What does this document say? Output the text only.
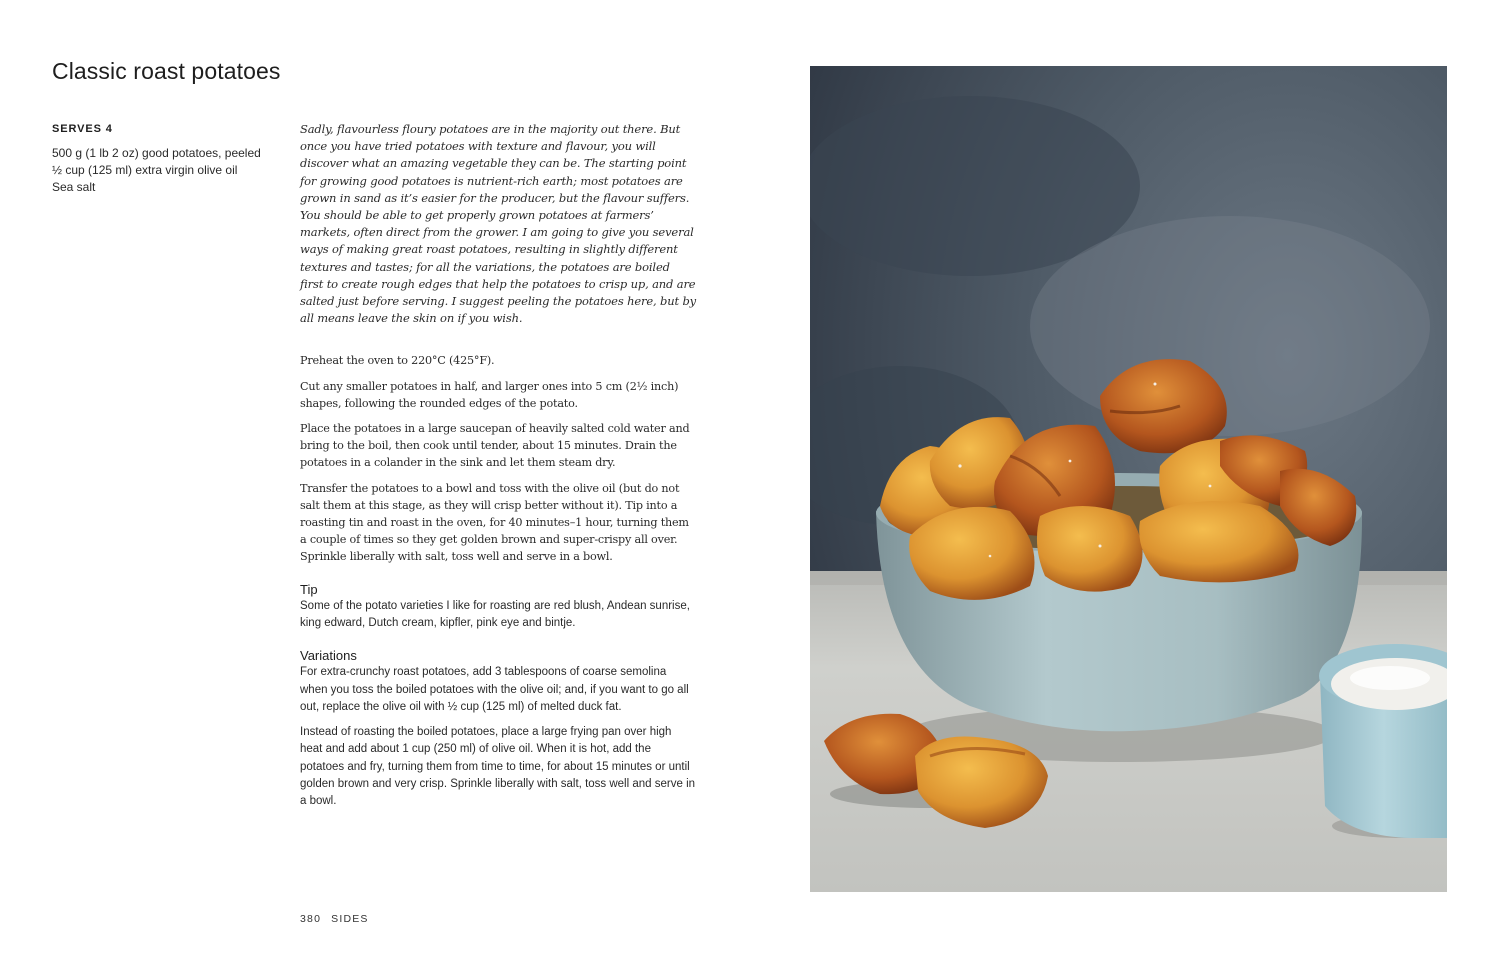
Classic roast potatoes

SERVES 4

500 g (1 lb 2 oz) good potatoes, peeled
½ cup (125 ml) extra virgin olive oil
Sea salt

Sadly, flavourless floury potatoes are in the majority out there. But once you have tried potatoes with texture and flavour, you will discover what an amazing vegetable they can be. The starting point for growing good potatoes is nutrient-rich earth; most potatoes are grown in sand as it’s easier for the producer, but the flavour suffers. You should be able to get properly grown potatoes at farmers’ markets, often direct from the grower. I am going to give you several ways of making great roast potatoes, resulting in slightly different textures and tastes; for all the variations, the potatoes are boiled first to create rough edges that help the potatoes to crisp up, and are salted just before serving. I suggest peeling the potatoes here, but by all means leave the skin on if you wish.

Preheat the oven to 220°C (425°F).

Cut any smaller potatoes in half, and larger ones into 5 cm (2½ inch) shapes, following the rounded edges of the potato.

Place the potatoes in a large saucepan of heavily salted cold water and bring to the boil, then cook until tender, about 15 minutes. Drain the potatoes in a colander in the sink and let them steam dry.

Transfer the potatoes to a bowl and toss with the olive oil (but do not salt them at this stage, as they will crisp better without it). Tip into a roasting tin and roast in the oven, for 40 minutes–1 hour, turning them a couple of times so they get golden brown and super-crispy all over. Sprinkle liberally with salt, toss well and serve in a bowl.

Tip

Some of the potato varieties I like for roasting are red blush, Andean sunrise, king edward, Dutch cream, kipfler, pink eye and bintje.

Variations

For extra-crunchy roast potatoes, add 3 tablespoons of coarse semolina when you toss the boiled potatoes with the olive oil; and, if you want to go all out, replace the olive oil with ½ cup (125 ml) of melted duck fat.

Instead of roasting the boiled potatoes, place a large frying pan over high heat and add about 1 cup (250 ml) of olive oil. When it is hot, add the potatoes and fry, turning them from time to time, for about 15 minutes or until golden brown and very crisp. Sprinkle liberally with salt, toss well and serve in a bowl.

380 SIDES
